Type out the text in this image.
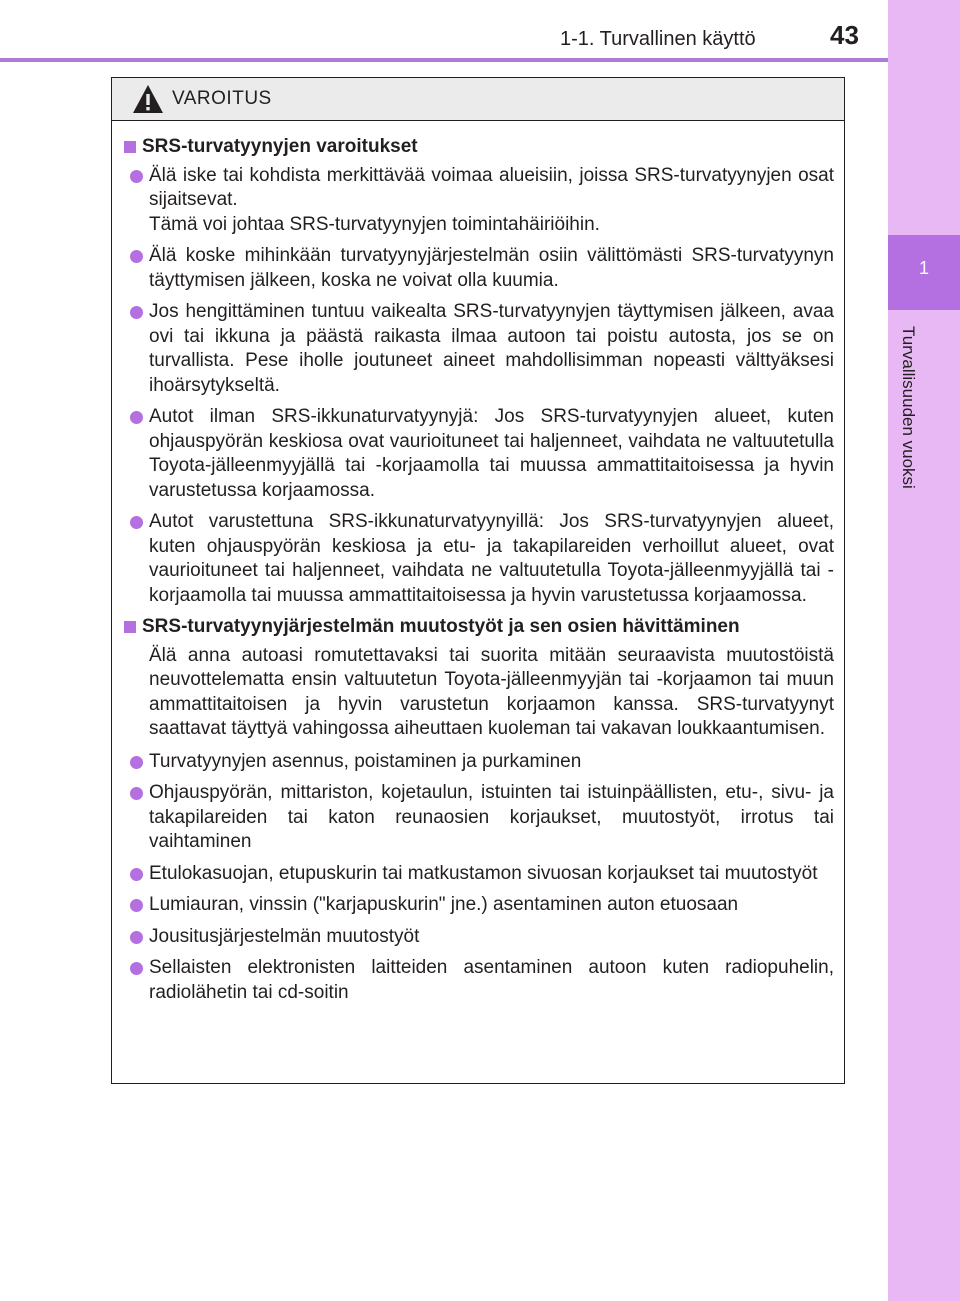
1-1. Turvallinen käyttö	43
1
Turvallisuuden vuoksi
VAROITUS
SRS-turvatyynyjen varoitukset
Älä iske tai kohdista merkittävää voimaa alueisiin, joissa SRS-turvatyynyjen osat sijaitsevat.
Tämä voi johtaa SRS-turvatyynyjen toimintahäiriöihin.
Älä koske mihinkään turvatyynyjärjestelmän osiin välittömästi SRS-turvatyynyn täyttymisen jälkeen, koska ne voivat olla kuumia.
Jos hengittäminen tuntuu vaikealta SRS-turvatyynyjen täyttymisen jälkeen, avaa ovi tai ikkuna ja päästä raikasta ilmaa autoon tai poistu autosta, jos se on turvallista. Pese iholle joutuneet aineet mahdollisimman nopeasti välttyäksesi ihoärsytykseltä.
Autot ilman SRS-ikkunaturvatyynyjä: Jos SRS-turvatyynyjen alueet, kuten ohjauspyörän keskiosa ovat vaurioituneet tai haljenneet, vaihdata ne valtuutetulla Toyota-jälleenmyyjällä tai -korjaamolla tai muussa ammattitaitoisessa ja hyvin varustetussa korjaamossa.
Autot varustettuna SRS-ikkunaturvatyynyillä: Jos SRS-turvatyynyjen alueet, kuten ohjauspyörän keskiosa ja etu- ja takapilareiden verhoillut alueet, ovat vaurioituneet tai haljenneet, vaihdata ne valtuutetulla Toyota-jälleenmyyjällä tai -korjaamolla tai muussa ammattitaitoisessa ja hyvin varustetussa korjaamossa.
SRS-turvatyynyjärjestelmän muutostyöt ja sen osien hävittäminen
Älä anna autoasi romutettavaksi tai suorita mitään seuraavista muutostöistä neuvottelematta ensin valtuutetun Toyota-jälleenmyyjän tai -korjaamon tai muun ammattitaitoisen ja hyvin varustetun korjaamon kanssa. SRS-turvatyynyt saattavat täyttyä vahingossa aiheuttaen kuoleman tai vakavan loukkaantumisen.
Turvatyynyjen asennus, poistaminen ja purkaminen
Ohjauspyörän, mittariston, kojetaulun, istuinten tai istuinpäällisten, etu-, sivu- ja takapilareiden tai katon reunaosien korjaukset, muutostyöt, irrotus tai vaihtaminen
Etulokasuojan, etupuskurin tai matkustamon sivuosan korjaukset tai muutostyöt
Lumiauran, vinssin ("karjapuskurin" jne.) asentaminen auton etuosaan
Jousitusjärjestelmän muutostyöt
Sellaisten elektronisten laitteiden asentaminen autoon kuten radiopuhelin, radiolähetin tai cd-soitin
